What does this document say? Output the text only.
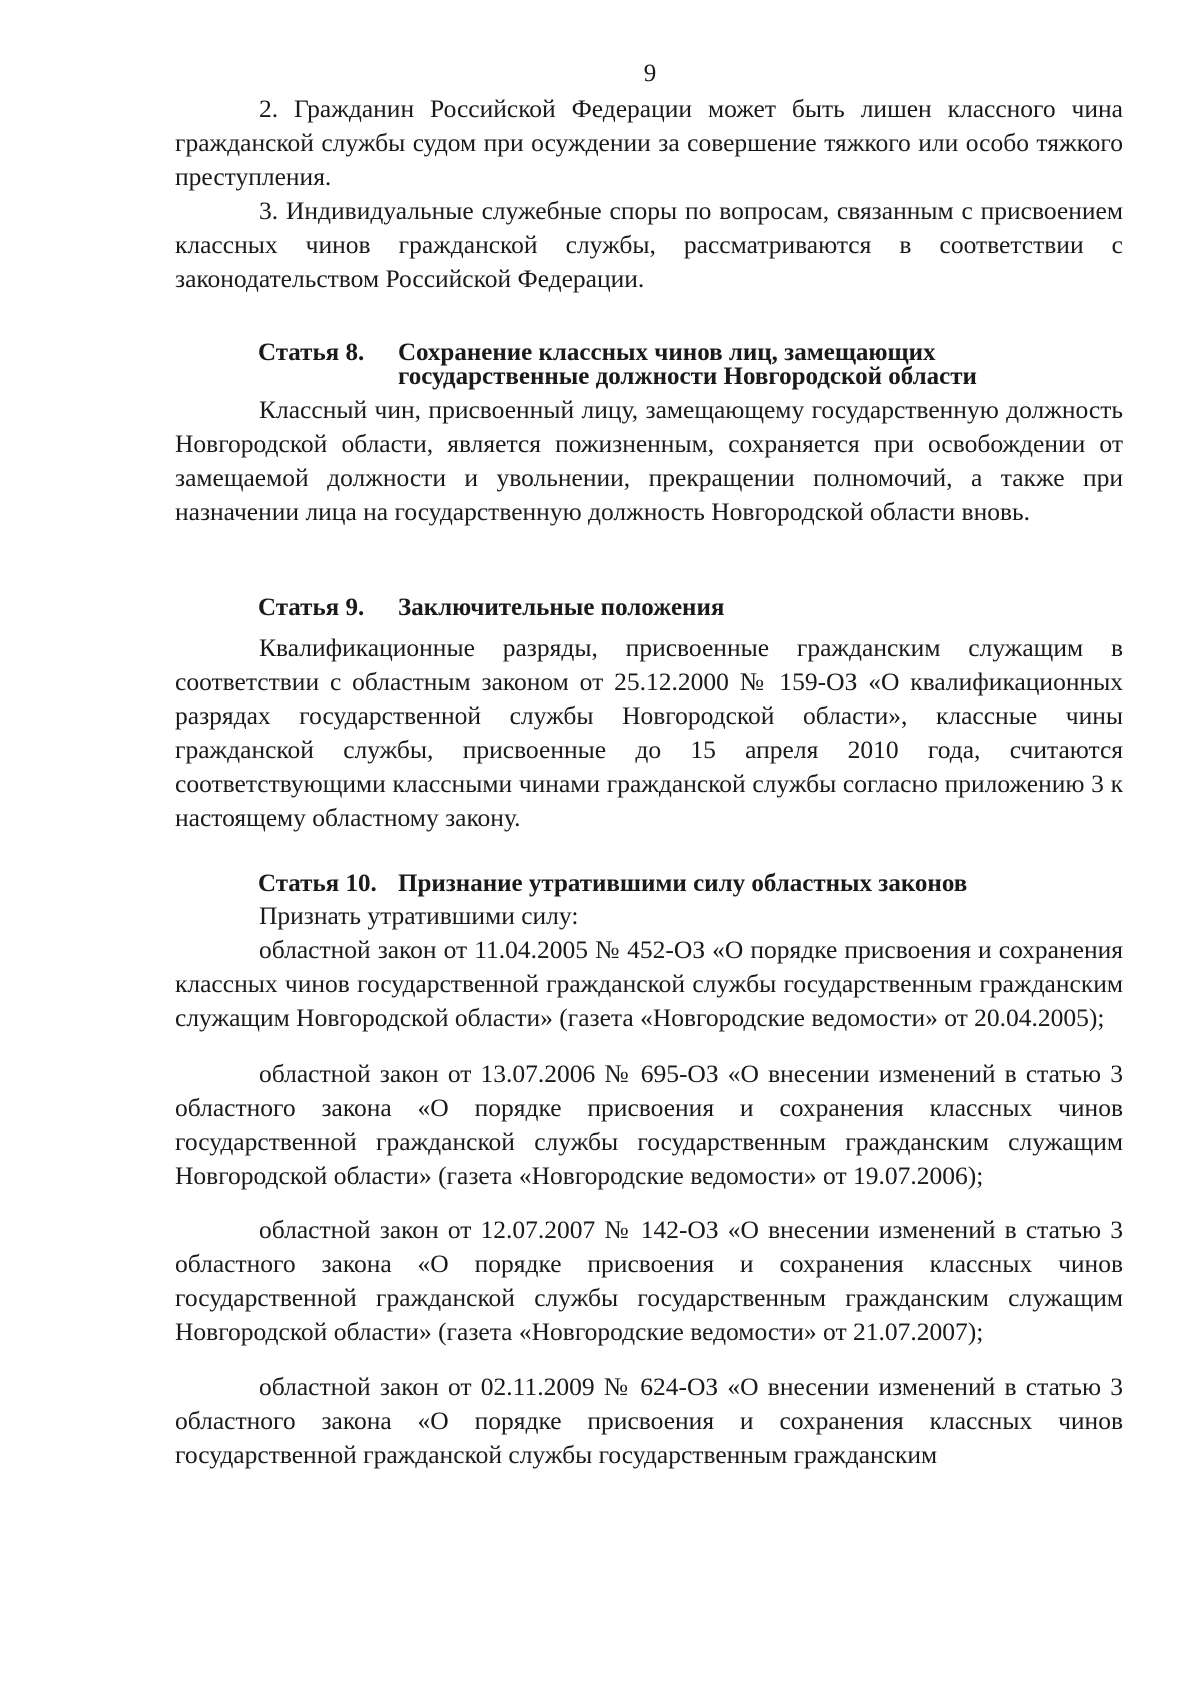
9

2. Гражданин Российской Федерации может быть лишен классного чина гражданской службы судом при осуждении за совершение тяжкого или особо тяжкого преступления.

3. Индивидуальные служебные споры по вопросам, связанным с присвоением классных чинов гражданской службы, рассматриваются в соответствии с законодательством Российской Федерации.

Статья 8. Сохранение классных чинов лиц, замещающих
государственные должности Новгородской области

Классный чин, присвоенный лицу, замещающему государственную должность Новгородской области, является пожизненным, сохраняется при освобождении от замещаемой должности и увольнении, прекращении полномочий, а также при назначении лица на государственную должность Новгородской области вновь.

Статья 9. Заключительные положения

Квалификационные разряды, присвоенные гражданским служащим в соответствии с областным законом от 25.12.2000 № 159-ОЗ «О квалификационных разрядах государственной службы Новгородской области», классные чины гражданской службы, присвоенные до 15 апреля 2010 года, считаются соответствующими классными чинами гражданской службы согласно приложению 3 к настоящему областному закону.

Статья 10. Признание утратившими силу областных законов
Признать утратившими силу:

областной закон от 11.04.2005 № 452-ОЗ «О порядке присвоения и сохранения классных чинов государственной гражданской службы государственным гражданским служащим Новгородской области» (газета «Новгородские ведомости» от 20.04.2005);

областной закон от 13.07.2006 № 695-ОЗ «О внесении изменений в статью 3 областного закона «О порядке присвоения и сохранения классных чинов государственной гражданской службы государственным гражданским служащим Новгородской области» (газета «Новгородские ведомости» от 19.07.2006);

областной закон от 12.07.2007 № 142-ОЗ «О внесении изменений в статью 3 областного закона «О порядке присвоения и сохранения классных чинов государственной гражданской службы государственным гражданским служащим Новгородской области» (газета «Новгородские ведомости» от 21.07.2007);

областной закон от 02.11.2009 № 624-ОЗ «О внесении изменений в статью 3 областного закона «О порядке присвоения и сохранения классных чинов государственной гражданской службы государственным гражданским
